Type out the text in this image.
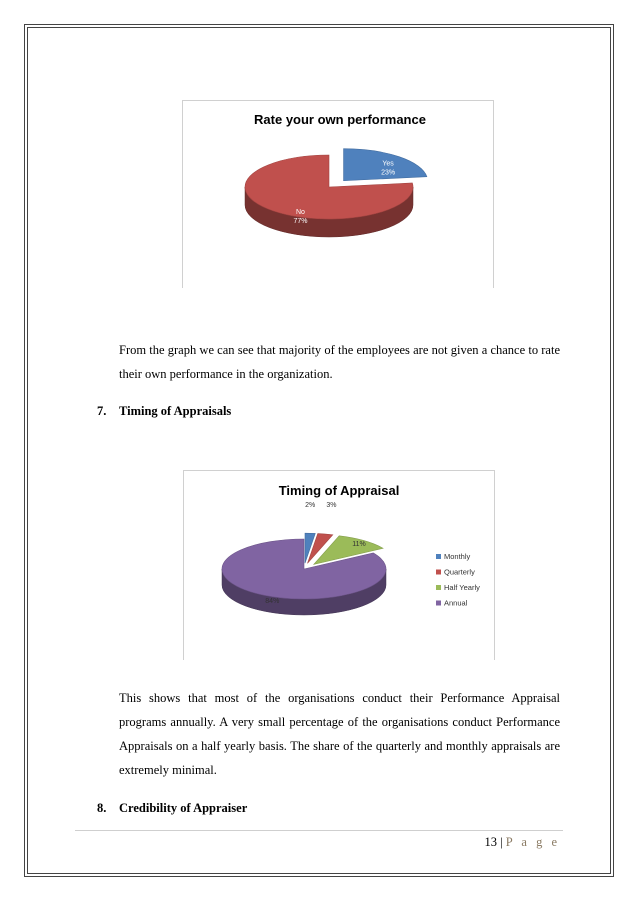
Rate your own performance
Yes
23%
No
77%

From the graph we can see that majority of the employees are not given a chance to rate their own performance in the organization.

7. Timing of Appraisals
Timing of Appraisal
2% 3%
11%
84%
Monthly
Quarterly
Half Yearly
Annual

This shows that most of the organisations conduct their Performance Appraisal programs annually. A very small percentage of the organisations conduct Performance Appraisals on a half yearly basis. The share of the quarterly and monthly appraisals are extremely minimal.

8. Credibility of Appraiser
13 | P a g e
